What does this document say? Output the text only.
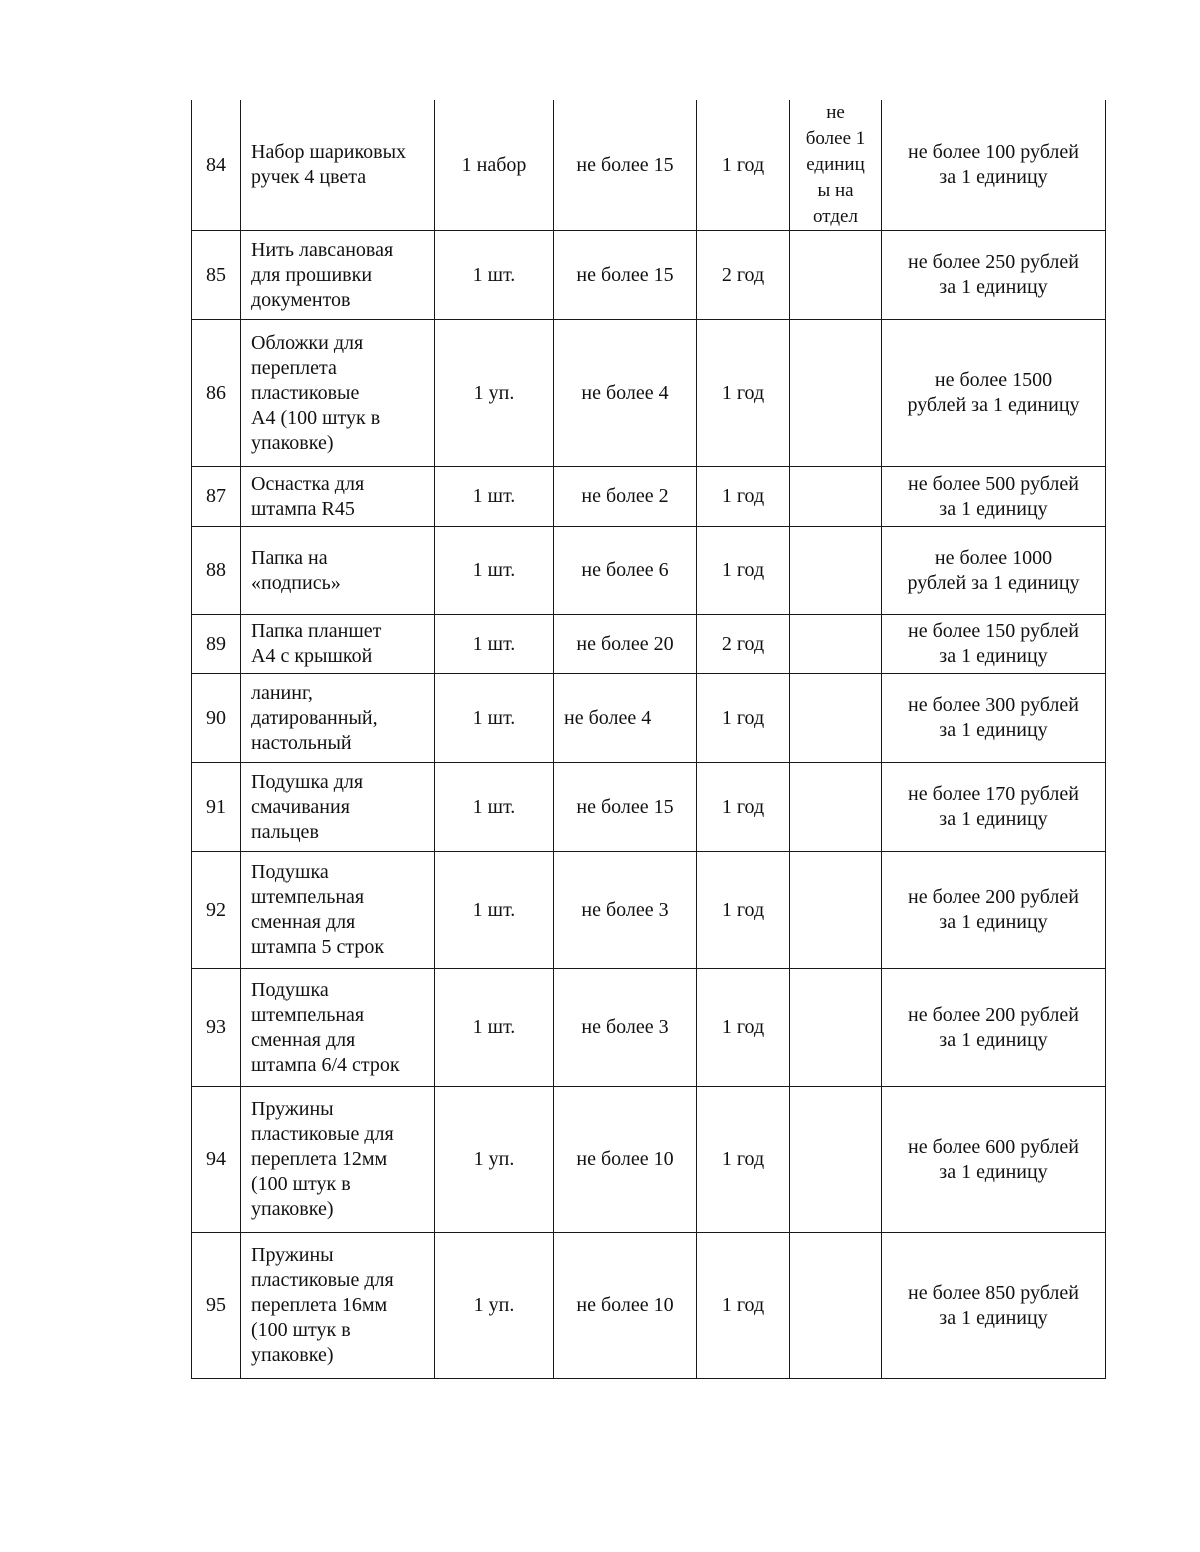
84	Набор шариковых
ручек 4 цвета	1 набор	не более 15	1 год	не
более 1
единиц
ы на
отдел	не более 100 рублей
за 1 единицу
85	Нить лавсановая
для прошивки
документов	1 шт.	не более 15	2 год		не более 250 рублей
за 1 единицу
86	Обложки для
переплета
пластиковые
А4 (100 штук в
упаковке)	1 уп.	не более 4	1 год		не более 1500
рублей за 1 единицу
87	Оснастка для
штампа R45	1 шт.	не более 2	1 год		не более 500 рублей
за 1 единицу
88	Папка на
«подпись»	1 шт.	не более 6	1 год		не более 1000
рублей за 1 единицу
89	Папка планшет
А4 с крышкой	1 шт.	не более 20	2 год		не более 150 рублей
за 1 единицу
90	ланинг,
датированный,
настольный	1 шт.	не более 4	1 год		не более 300 рублей
за 1 единицу
91	Подушка для
смачивания
пальцев	1 шт.	не более 15	1 год		не более 170 рублей
за 1 единицу
92	Подушка
штемпельная
сменная для
штампа 5 строк	1 шт.	не более 3	1 год		не более 200 рублей
за 1 единицу
93	Подушка
штемпельная
сменная для
штампа 6/4 строк	1 шт.	не более 3	1 год		не более 200 рублей
за 1 единицу
94	Пружины
пластиковые для
переплета 12мм
(100 штук в
упаковке)	1 уп.	не более 10	1 год		не более 600 рублей
за 1 единицу
95	Пружины
пластиковые для
переплета 16мм
(100 штук в
упаковке)	1 уп.	не более 10	1 год		не более 850 рублей
за 1 единицу
